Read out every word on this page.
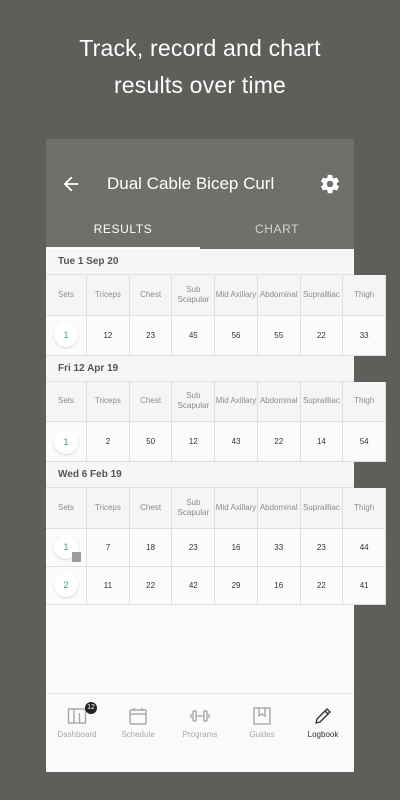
Track, record and chart
results over time
Dual Cable Bicep Curl
RESULTS	CHART
Tue 1 Sep 20
Sets	Triceps	Chest	Sub Scapular	Mid Axillary	Abdominal	Suprailliac	Thigh
1	12	23	45	56	55	22	33
Fri 12 Apr 19
Sets	Triceps	Chest	Sub Scapular	Mid Axillary	Abdominal	Suprailliac	Thigh
1	2	50	12	43	22	14	54
Wed 6 Feb 19
Sets	Triceps	Chest	Sub Scapular	Mid Axillary	Abdominal	Suprailliac	Thigh
1	7	18	23	16	33	23	44
2	11	22	42	29	16	22	41
12
Dashboard	Schedule	Programs	Guides	Logbook
